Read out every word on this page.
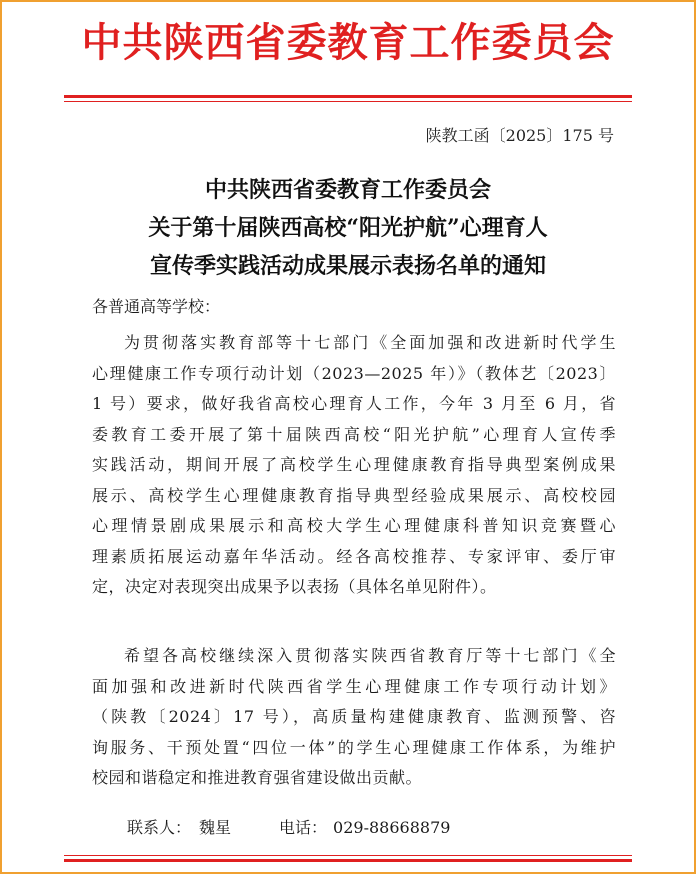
中共陕西省委教育工作委员会
陕教工函〔2025〕175 号
中共陕西省委教育工作委员会
关于第十届陕西高校“阳光护航”心理育人
宣传季实践活动成果展示表扬名单的通知
各普通高等学校：
为贯彻落实教育部等十七部门《全面加强和改进新时代学生
心理健康工作专项行动计划（2023—2025 年）》（教体艺〔2023〕
1 号）要求，做好我省高校心理育人工作，今年 3 月至 6 月，省
委教育工委开展了第十届陕西高校“阳光护航”心理育人宣传季
实践活动，期间开展了高校学生心理健康教育指导典型案例成果
展示、高校学生心理健康教育指导典型经验成果展示、高校校园
心理情景剧成果展示和高校大学生心理健康科普知识竞赛暨心
理素质拓展运动嘉年华活动。经各高校推荐、专家评审、委厅审
定，决定对表现突出成果予以表扬（具体名单见附件）。
希望各高校继续深入贯彻落实陕西省教育厅等十七部门《全
面加强和改进新时代陕西省学生心理健康工作专项行动计划》
（陕教〔2024〕17 号），高质量构建健康教育、监测预警、咨
询服务、干预处置“四位一体”的学生心理健康工作体系，为维护
校园和谐稳定和推进教育强省建设做出贡献。
联系人： 魏星	电话： 029-88668879
